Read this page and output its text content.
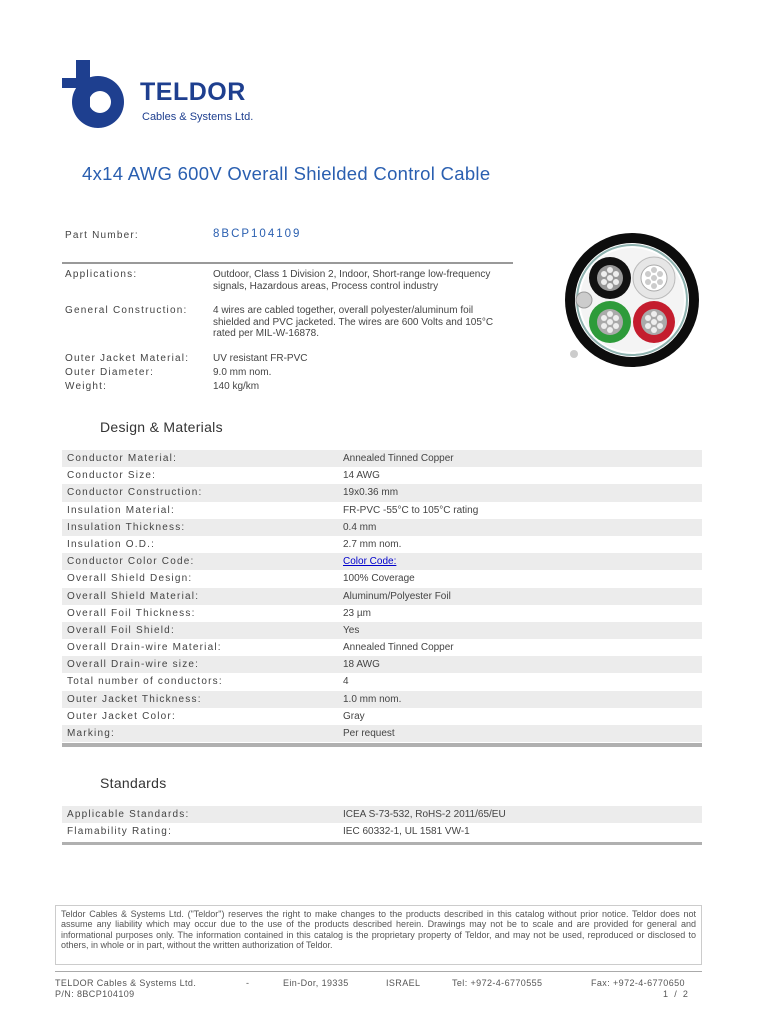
TELDOR
Cables & Systems Ltd.
4x14 AWG 600V Overall Shielded Control Cable
Part Number:	8BCP104109
Applications:	Outdoor, Class 1 Division 2, Indoor, Short-range low-frequency signals, Hazardous areas, Process control industry
General Construction:	4 wires are cabled together, overall polyester/aluminum foil shielded and PVC jacketed. The wires are 600 Volts and 105°C rated per MIL-W-16878.
Outer Jacket Material: UV resistant FR-PVC
Outer Diameter:	9.0 mm nom.
Weight:	140 kg/km
Design & Materials
Conductor Material:	Annealed Tinned Copper
Conductor Size:	14 AWG
Conductor Construction:	19x0.36 mm
Insulation Material:	FR-PVC -55°C to 105°C rating
Insulation Thickness:	0.4 mm
Insulation O.D.:	2.7 mm nom.
Conductor Color Code:	Color Code:
Overall Shield Design:	100% Coverage
Overall Shield Material:	Aluminum/Polyester Foil
Overall Foil Thickness:	23 µm
Overall Foil Shield:	Yes
Overall Drain-wire Material:	Annealed Tinned Copper
Overall Drain-wire size:	18 AWG
Total number of conductors:	4
Outer Jacket Thickness:	1.0 mm nom.
Outer Jacket Color:	Gray
Marking:	Per request
Standards
Applicable Standards:	ICEA S-73-532, RoHS-2 2011/65/EU
Flamability Rating:	IEC 60332-1, UL 1581 VW-1
Teldor Cables & Systems Ltd. ("Teldor") reserves the right to make changes to the products described in this catalog without prior notice. Teldor does not assume any liability which may occur due to the use of the products described herein. Drawings may not be to scale and are provided for general and informational purposes only. The information contained in this catalog is the proprietary property of Teldor, and may not be used, reproduced or disclosed to others, in whole or in part, without the written authorization of Teldor.
TELDOR Cables & Systems Ltd.	-	Ein-Dor, 19335	ISRAEL	Tel: +972-4-6770555	Fax: +972-4-6770650
P/N: 8BCP104109	1  /  2
